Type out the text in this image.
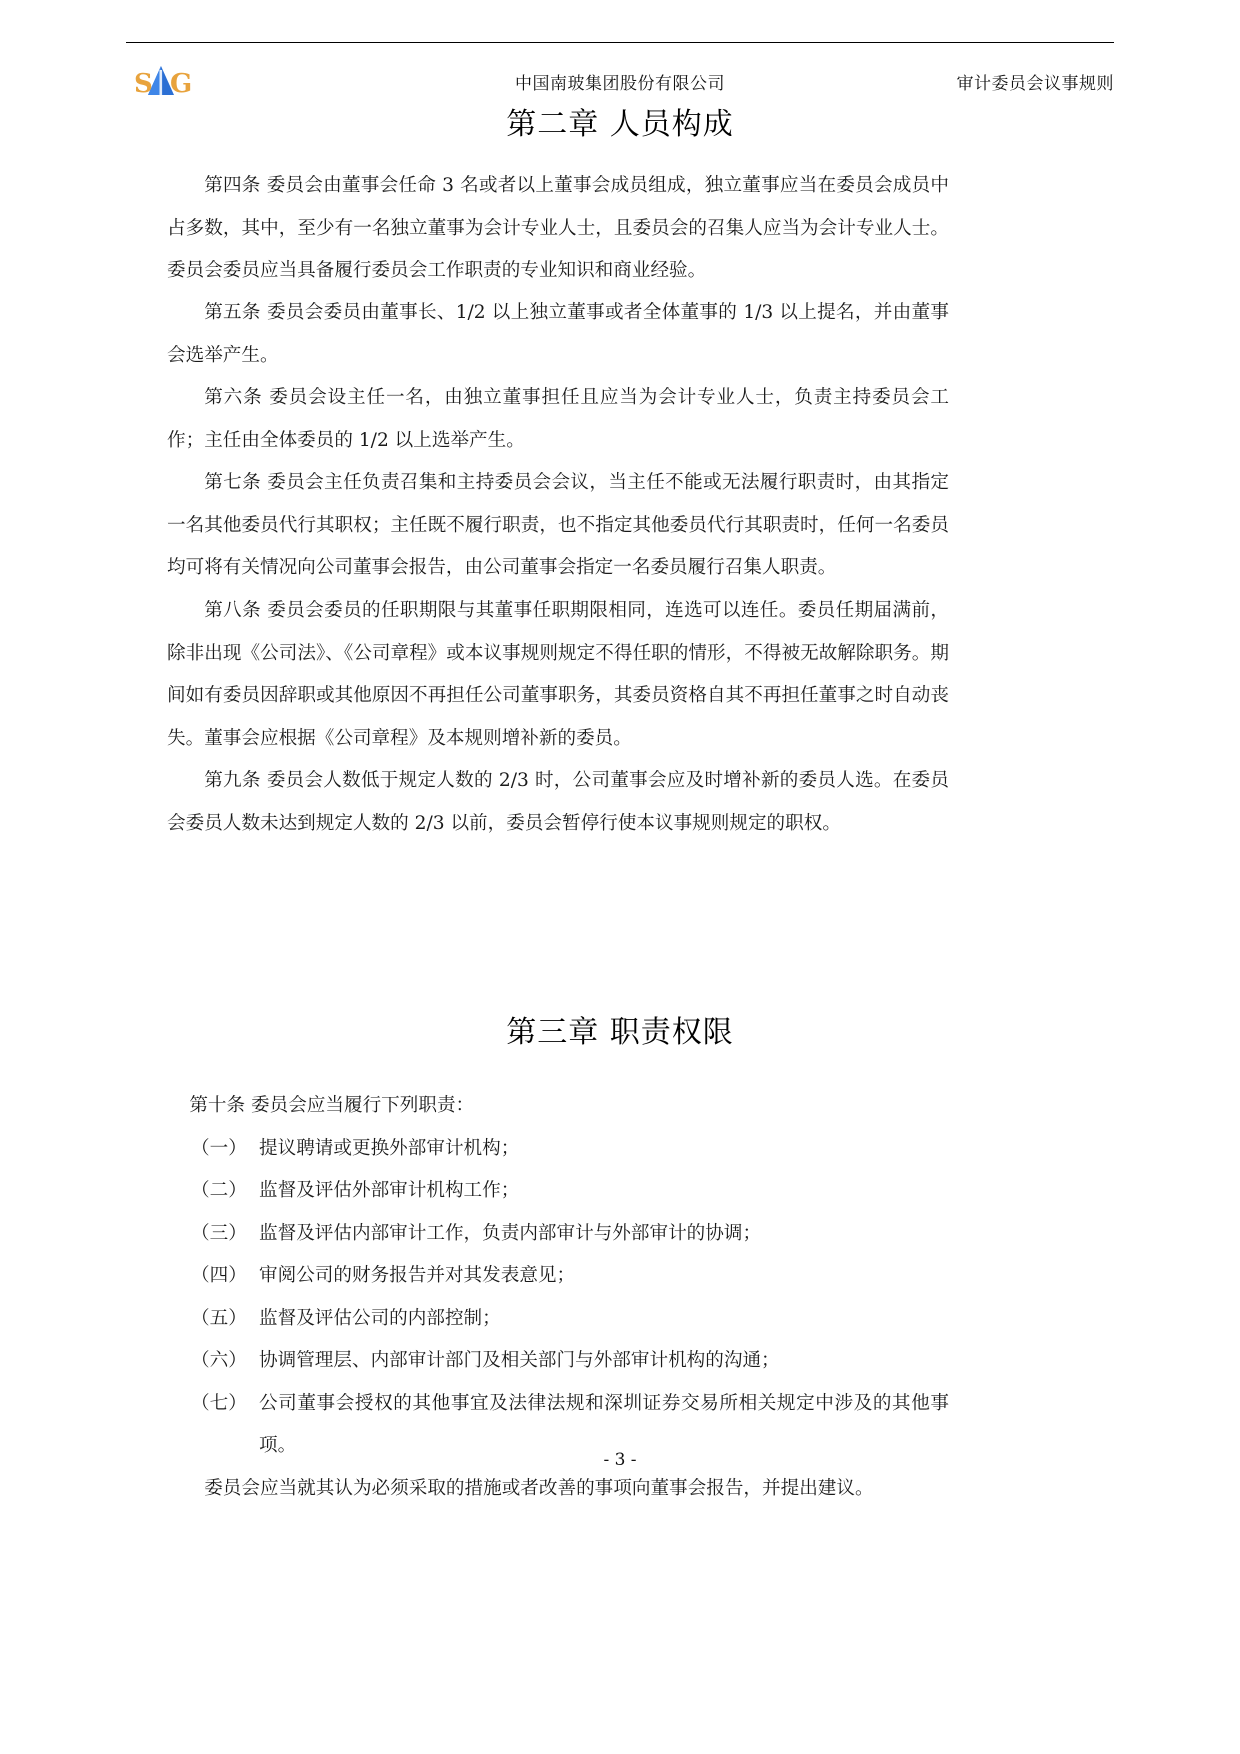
S G	中国南玻集团股份有限公司	审计委员会议事规则
第二章 人员构成

第四条 委员会由董事会任命 3 名或者以上董事会成员组成，独立董事应当在委员会成员中占多数，其中，至少有一名独立董事为会计专业人士，且委员会的召集人应当为会计专业人士。委员会委员应当具备履行委员会工作职责的专业知识和商业经验。

第五条 委员会委员由董事长、1/2 以上独立董事或者全体董事的 1/3 以上提名，并由董事会选举产生。

第六条 委员会设主任一名，由独立董事担任且应当为会计专业人士，负责主持委员会工作；主任由全体委员的 1/2 以上选举产生。

第七条 委员会主任负责召集和主持委员会会议，当主任不能或无法履行职责时，由其指定一名其他委员代行其职权；主任既不履行职责，也不指定其他委员代行其职责时，任何一名委员均可将有关情况向公司董事会报告，由公司董事会指定一名委员履行召集人职责。

第八条 委员会委员的任职期限与其董事任职期限相同，连选可以连任。委员任期届满前，除非出现《公司法》、《公司章程》或本议事规则规定不得任职的情形，不得被无故解除职务。期间如有委员因辞职或其他原因不再担任公司董事职务，其委员资格自其不再担任董事之时自动丧失。董事会应根据《公司章程》及本规则增补新的委员。

第九条 委员会人数低于规定人数的 2/3 时，公司董事会应及时增补新的委员人选。在委员会委员人数未达到规定人数的 2/3 以前，委员会暂停行使本议事规则规定的职权。

第三章 职责权限

第十条 委员会应当履行下列职责：

（一） 提议聘请或更换外部审计机构；
（二） 监督及评估外部审计机构工作；
（三） 监督及评估内部审计工作，负责内部审计与外部审计的协调；
（四） 审阅公司的财务报告并对其发表意见；
（五） 监督及评估公司的内部控制；
（六） 协调管理层、内部审计部门及相关部门与外部审计机构的沟通；
（七） 公司董事会授权的其他事宜及法律法规和深圳证券交易所相关规定中涉及的其他事项。

委员会应当就其认为必须采取的措施或者改善的事项向董事会报告，并提出建议。

- 3 -
